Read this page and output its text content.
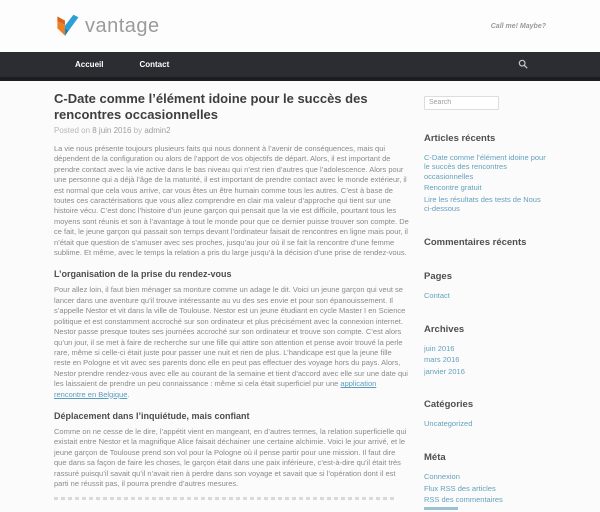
vantage	Call me! Maybe?
Accueil	Contact
C-Date comme l’élément idoine pour le succès des rencontres occasionnelles
Posted on 8 juin 2016 by admin2

La vie nous présente toujours plusieurs faits qui nous donnent à l’avenir de conséquences, mais qui dépendent de la configuration ou alors de l’apport de vos objectifs de départ. Alors, il est important de prendre contact avec la vie active dans le bas niveau qui n’est rien d’autres que l’adolescence. Alors pour une personne qui a déjà l’âge de la maturité, il est important de prendre contact avec le monde extérieur, il est normal que cela vous arrive, car vous êtes un être humain comme tous les autres. C’est à base de toutes ces caractérisations que vous allez comprendre en clair ma valeur d’approche qui tient sur une histoire vécu. C’est donc l’histoire d’un jeune garçon qui pensait que la vie est difficile, pourtant tous les moyens sont réunis et son à l’avantage à tout le monde pour que ce dernier puisse trouver son compte. De ce fait, le jeune garçon qui passait son temps devant l’ordinateur faisait de rencontres en ligne mais pour, il n’était que question de s’amuser avec ses proches, jusqu’au jour où il se fait la rencontre d’une femme sublime. Et même, avec le temps la relation a pris du large jusqu’à la décision d’une prise de rendez-vous.

L’organisation de la prise du rendez-vous

Pour allez loin, il faut bien ménager sa monture comme un adage le dit. Voici un jeune garçon qui veut se lancer dans une aventure qu’il trouve intéressante au vu des ses envie et pour son épanouissement. Il s’appelle Nestor et vit dans la ville de Toulouse. Nestor est un jeune étudiant en cycle Master I en Science politique et est constamment accroché sur son ordinateur et plus précisément avec la connexion internet. Nestor passe presque toutes ses journées accroché sur son ordinateur et trouve son compte. C’est alors qu’un jour, il se met à faire de recherche sur une fille qui attire son attention et pense avoir trouvé la perle rare, même si celle-ci était juste pour passer une nuit et rien de plus. L’handicape est que la jeune fille reste en Pologne et vit avec ses parents donc elle en peut pas effectuer des voyage hors du pays. Alors, Nestor prendre rendez-vous avec elle au courant de la semaine et tient d’accord avec elle sur une date qui les laissaient de prendre un peu connaissance : même si cela était superficiel pur une application rencontre en Belgique.

Déplacement dans l’inquiétude, mais confiant

Comme on ne cesse de le dire, l’appétit vient en mangeant, en d’autres termes, la relation superficielle qui existait entre Nestor et la magnifique Alice faisait déchainer une certaine alchimie. Voici le jour arrivé, et le jeune garçon de Toulouse prend son vol pour la Pologne où il pense partir pour une mission. Il faut dire que dans sa façon de faire les choses, le garçon était dans une paix inférieure, c’est-à-dire qu’il était très rassuré puisqu’il savait qu’il n’avait rien à perdre dans son voyage et savait que si l’opération dont il est parti ne réussit pas, il pourra prendre d’autres mesures.

Search
Articles récents
C-Date comme l’élément idoine pour le succès des rencontres occasionnelles
Rencontre gratuit
Lire les résultats des tests de Nous ci-dessous
Commentaires récents
Pages
Contact
Archives
juin 2016
mars 2016
janvier 2016
Catégories
Uncategorized
Méta
Connexion
Flux RSS des articles
RSS des commentaires
